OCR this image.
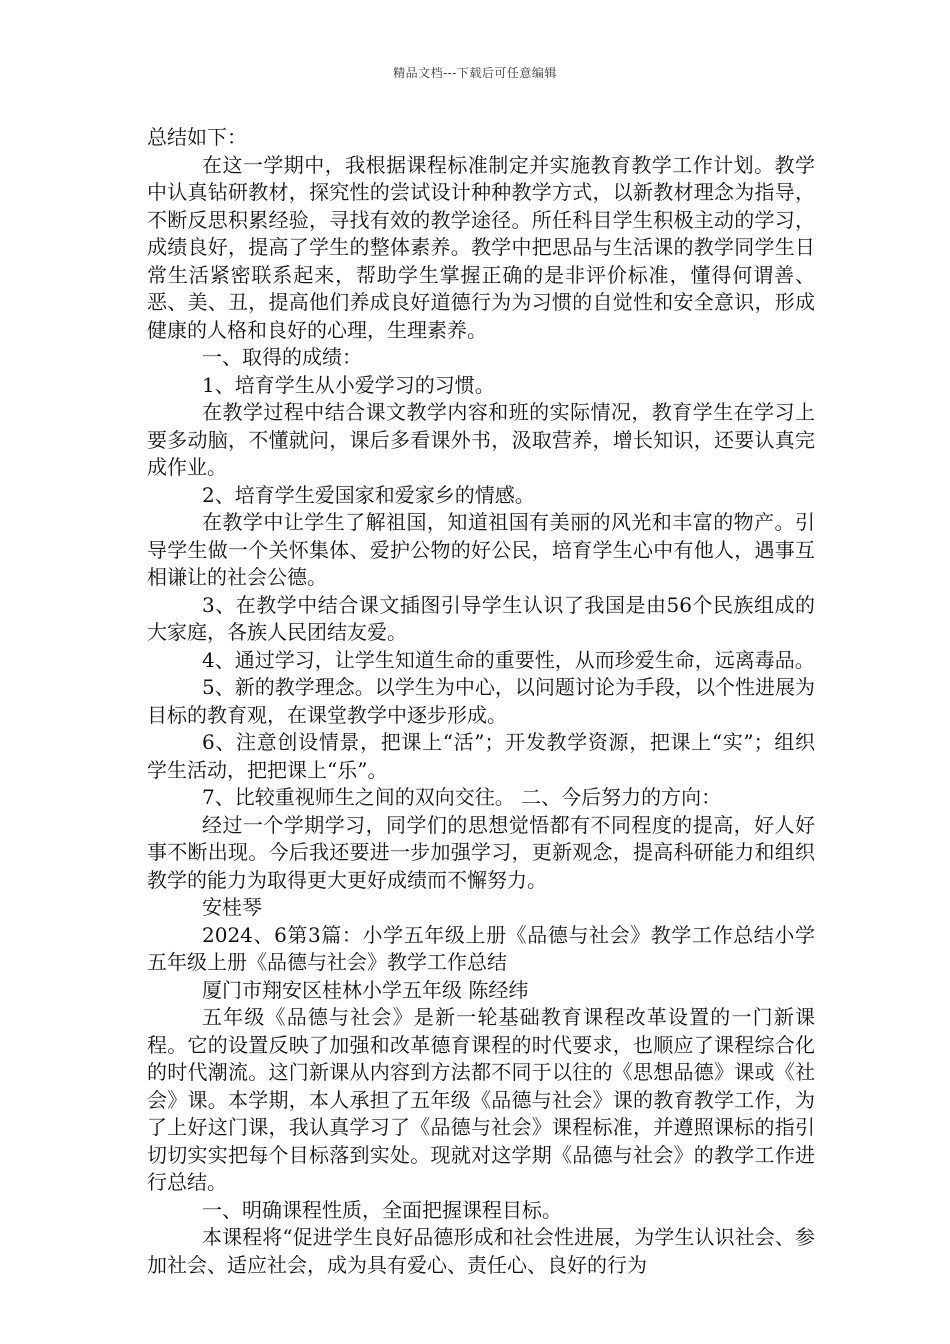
精品文档---下载后可任意编辑

总结如下：

在这一学期中，我根据课程标准制定并实施教育教学工作计划。教学中认真钻研教材，探究性的尝试设计种种教学方式，以新教材理念为指导，不断反思积累经验，寻找有效的教学途径。所任科目学生积极主动的学习，成绩良好，提高了学生的整体素养。教学中把思品与生活课的教学同学生日常生活紧密联系起来，帮助学生掌握正确的是非评价标准，懂得何谓善、恶、美、丑，提高他们养成良好道德行为为习惯的自觉性和安全意识，形成健康的人格和良好的心理，生理素养。

一、取得的成绩：

1、培育学生从小爱学习的习惯。

在教学过程中结合课文教学内容和班的实际情况，教育学生在学习上要多动脑，不懂就问，课后多看课外书，汲取营养，增长知识，还要认真完成作业。

2、培育学生爱国家和爱家乡的情感。

在教学中让学生了解祖国，知道祖国有美丽的风光和丰富的物产。引导学生做一个关怀集体、爱护公物的好公民，培育学生心中有他人，遇事互相谦让的社会公德。

3、在教学中结合课文插图引导学生认识了我国是由56个民族组成的大家庭，各族人民团结友爱。

4、通过学习，让学生知道生命的重要性，从而珍爱生命，远离毒品。

5、新的教学理念。以学生为中心，以问题讨论为手段，以个性进展为目标的教育观，在课堂教学中逐步形成。

6、注意创设情景，把课上“活”；开发教学资源，把课上“实”；组织学生活动，把把课上“乐”。

7、比较重视师生之间的双向交往。 二、今后努力的方向：

经过一个学期学习，同学们的思想觉悟都有不同程度的提高，好人好事不断出现。今后我还要进一步加强学习，更新观念，提高科研能力和组织教学的能力为取得更大更好成绩而不懈努力。

安桂琴

2024、6第3篇：小学五年级上册《品德与社会》教学工作总结小学五年级上册《品德与社会》教学工作总结

厦门市翔安区桂林小学五年级 陈经纬

五年级《品德与社会》是新一轮基础教育课程改革设置的一门新课程。它的设置反映了加强和改革德育课程的时代要求，也顺应了课程综合化的时代潮流。这门新课从内容到方法都不同于以往的《思想品德》课或《社会》课。本学期，本人承担了五年级《品德与社会》课的教育教学工作，为了上好这门课，我认真学习了《品德与社会》课程标准，并遵照课标的指引切切实实把每个目标落到实处。现就对这学期《品德与社会》的教学工作进行总结。

一、明确课程性质，全面把握课程目标。

本课程将“促进学生良好品德形成和社会性进展，为学生认识社会、参加社会、适应社会，成为具有爱心、责任心、良好的行为
